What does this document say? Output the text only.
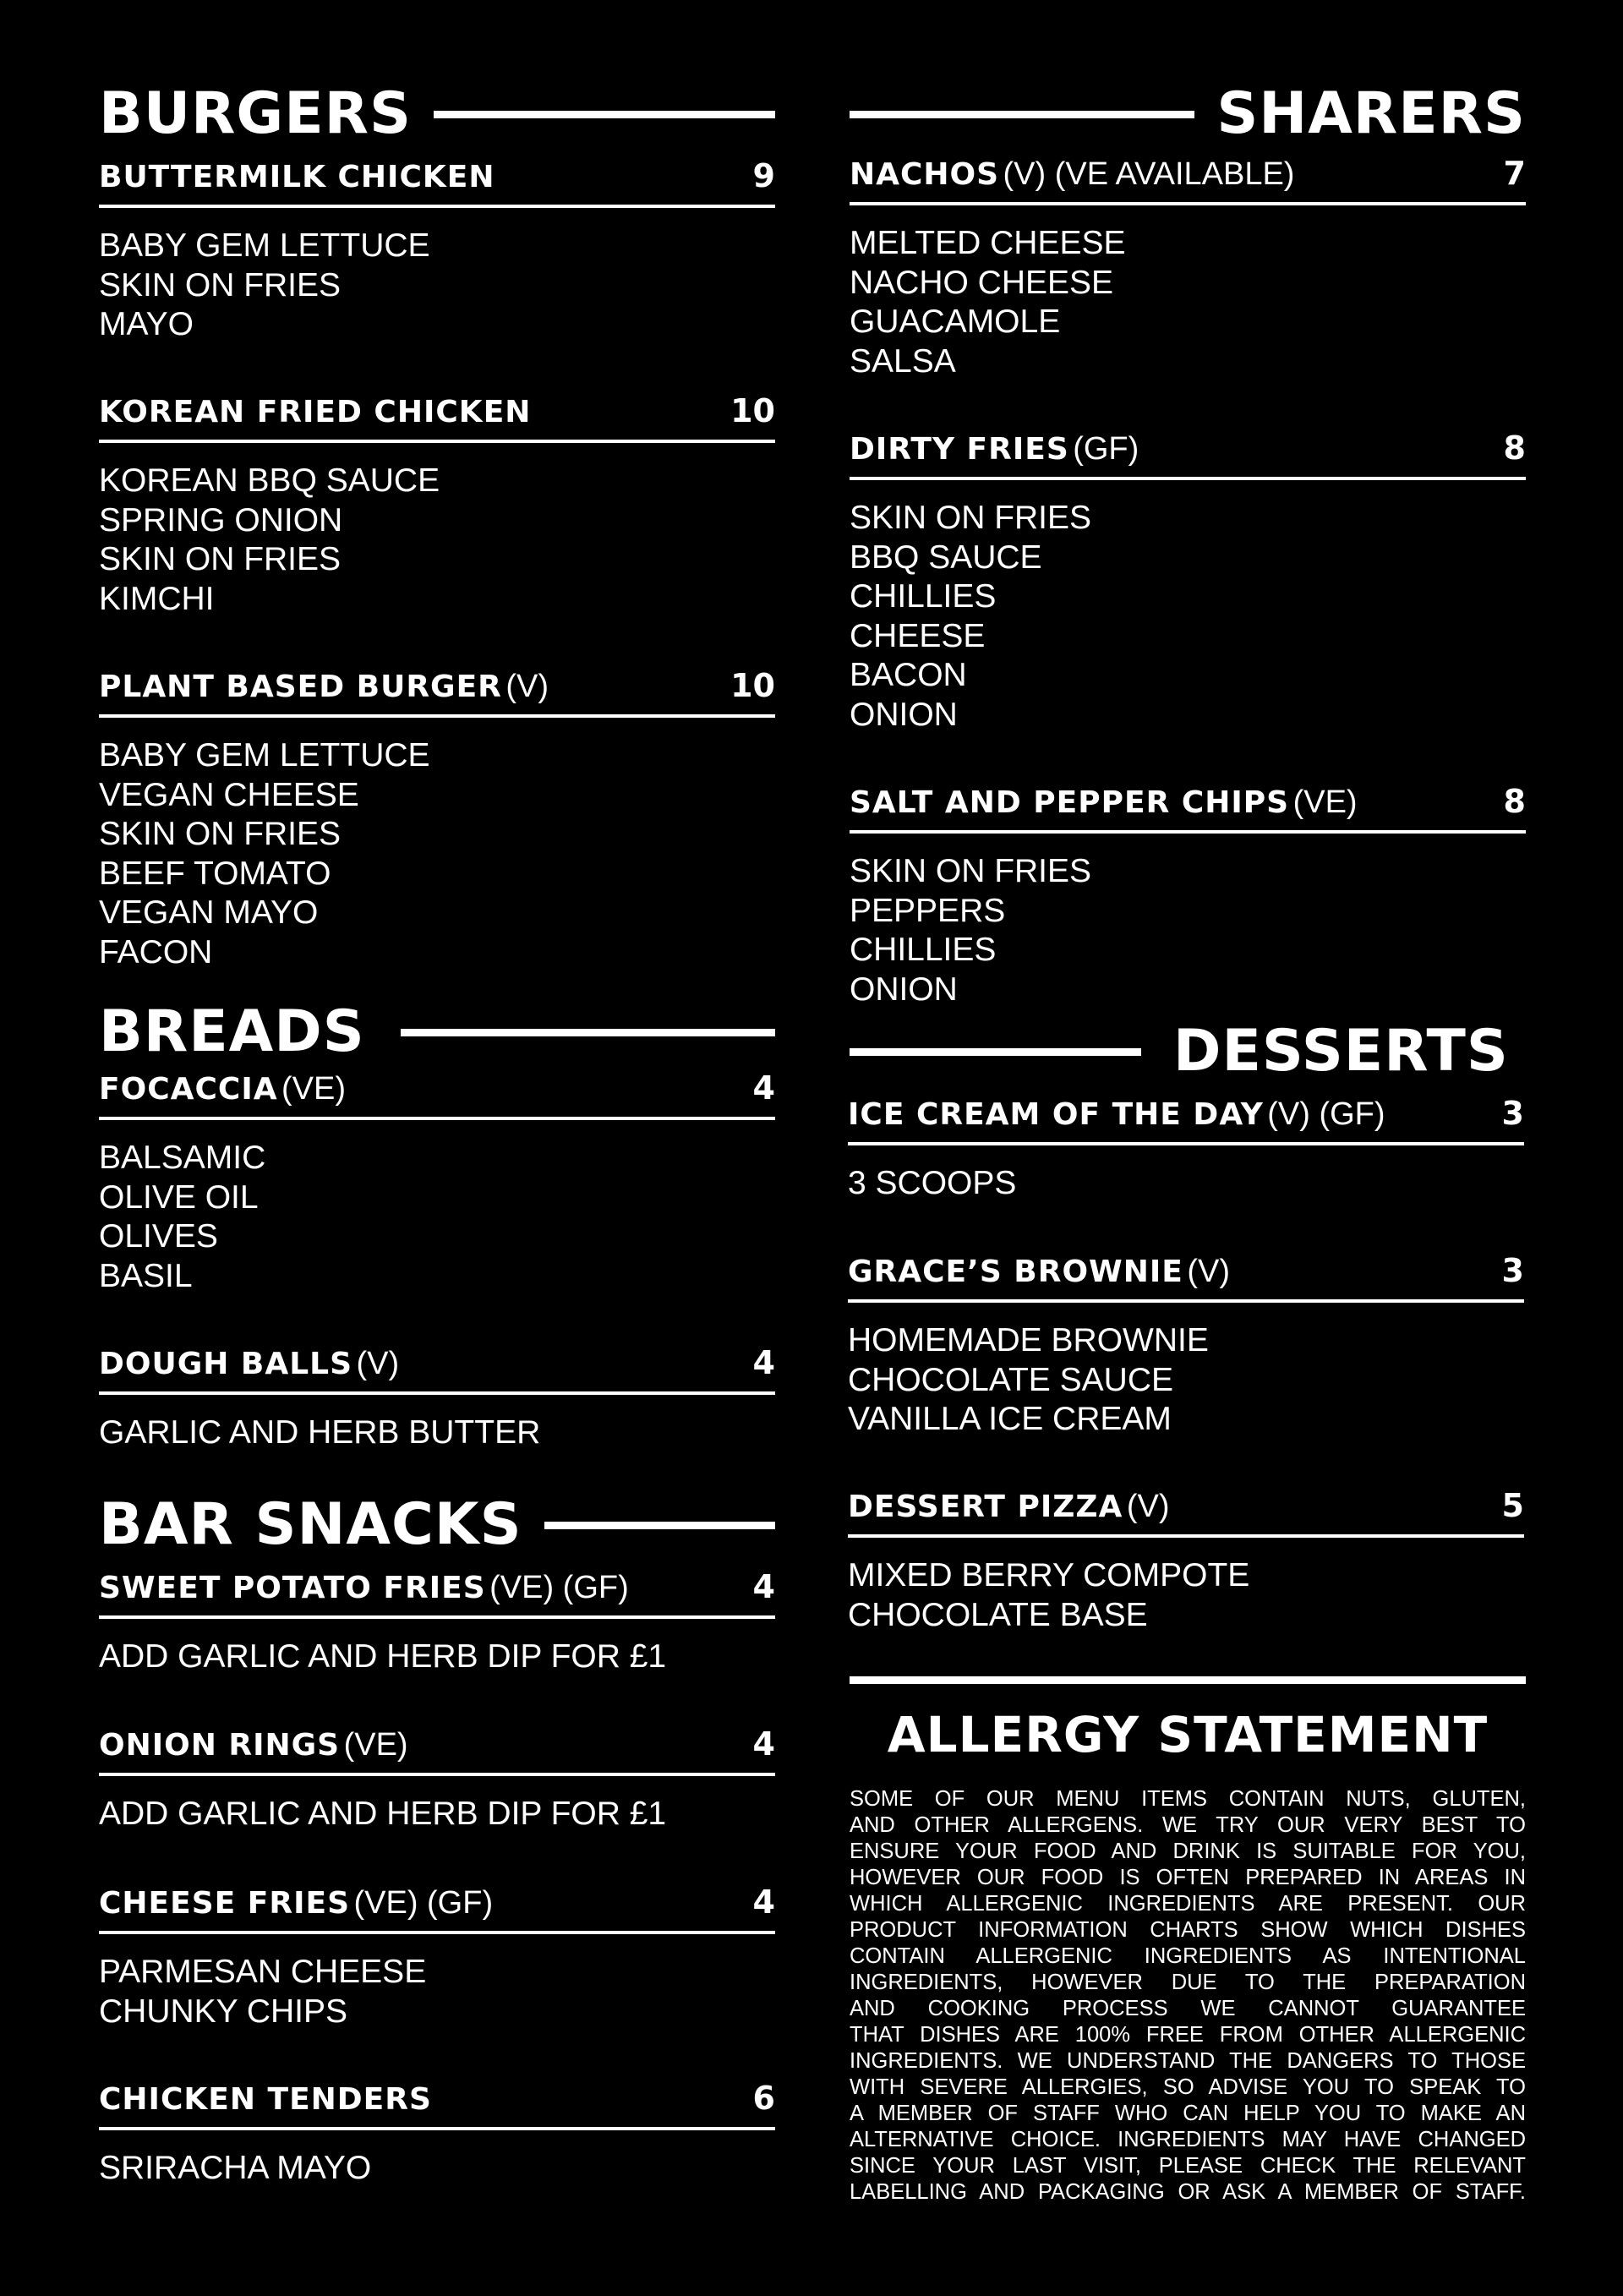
BURGERS
BUTTERMILK CHICKEN	9
BABY GEM LETTUCE
SKIN ON FRIES
MAYO
KOREAN FRIED CHICKEN	10
KOREAN BBQ SAUCE
SPRING ONION
SKIN ON FRIES
KIMCHI
PLANT BASED BURGER (V)	10
BABY GEM LETTUCE
VEGAN CHEESE
SKIN ON FRIES
BEEF TOMATO
VEGAN MAYO
FACON
BREADS
FOCACCIA (VE)	4
BALSAMIC
OLIVE OIL
OLIVES
BASIL
DOUGH BALLS (V)	4
GARLIC AND HERB BUTTER
BAR SNACKS
SWEET POTATO FRIES (VE) (GF)	4
ADD GARLIC AND HERB DIP FOR £1
ONION RINGS (VE)	4
ADD GARLIC AND HERB DIP FOR £1
CHEESE FRIES (VE) (GF)	4
PARMESAN CHEESE
CHUNKY CHIPS
CHICKEN TENDERS	6
SRIRACHA MAYO
SHARERS
NACHOS (V) (VE AVAILABLE)	7
MELTED CHEESE
NACHO CHEESE
GUACAMOLE
SALSA
DIRTY FRIES (GF)	8
SKIN ON FRIES
BBQ SAUCE
CHILLIES
CHEESE
BACON
ONION
SALT AND PEPPER CHIPS (VE)	8
SKIN ON FRIES
PEPPERS
CHILLIES
ONION
DESSERTS
ICE CREAM OF THE DAY (V) (GF)	3
3 SCOOPS
GRACE’S BROWNIE (V)	3
HOMEMADE BROWNIE
CHOCOLATE SAUCE
VANILLA ICE CREAM
DESSERT PIZZA (V)	5
MIXED BERRY COMPOTE
CHOCOLATE BASE
ALLERGY STATEMENT
SOME OF OUR MENU ITEMS CONTAIN NUTS, GLUTEN,
AND OTHER ALLERGENS. WE TRY OUR VERY BEST TO
ENSURE YOUR FOOD AND DRINK IS SUITABLE FOR YOU,
HOWEVER OUR FOOD IS OFTEN PREPARED IN AREAS IN
WHICH ALLERGENIC INGREDIENTS ARE PRESENT. OUR
PRODUCT INFORMATION CHARTS SHOW WHICH DISHES
CONTAIN ALLERGENIC INGREDIENTS AS INTENTIONAL
INGREDIENTS, HOWEVER DUE TO THE PREPARATION
AND COOKING PROCESS WE CANNOT GUARANTEE
THAT DISHES ARE 100% FREE FROM OTHER ALLERGENIC
INGREDIENTS. WE UNDERSTAND THE DANGERS TO THOSE
WITH SEVERE ALLERGIES, SO ADVISE YOU TO SPEAK TO
A MEMBER OF STAFF WHO CAN HELP YOU TO MAKE AN
ALTERNATIVE CHOICE. INGREDIENTS MAY HAVE CHANGED
SINCE YOUR LAST VISIT, PLEASE CHECK THE RELEVANT
LABELLING AND PACKAGING OR ASK A MEMBER OF STAFF.
